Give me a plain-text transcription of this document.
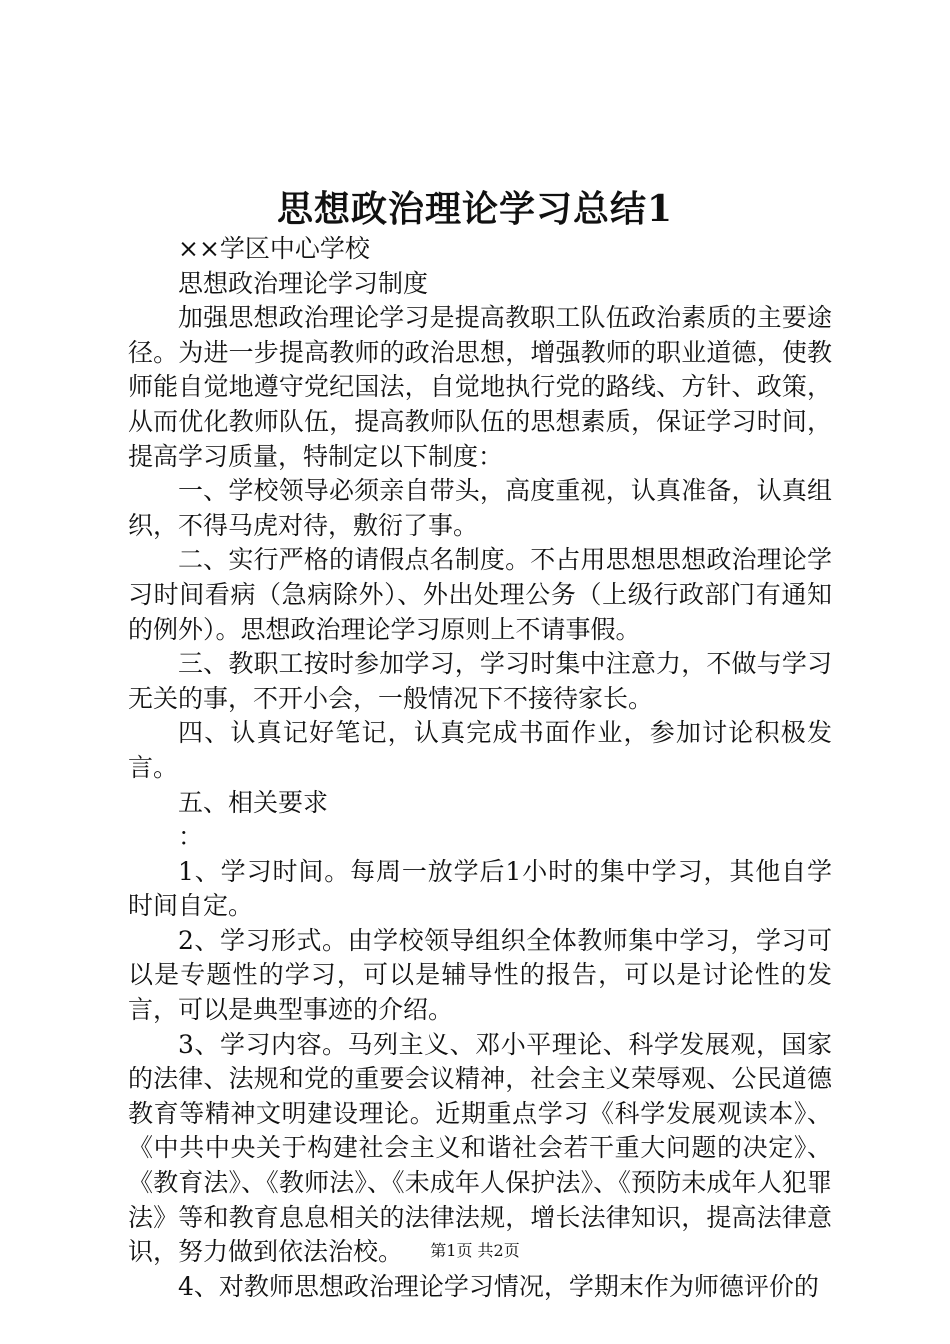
思想政治理论学习总结1

××学区中心学校

思想政治理论学习制度

加强思想政治理论学习是提高教职工队伍政治素质的主要途径。为进一步提高教师的政治思想，增强教师的职业道德，使教师能自觉地遵守党纪国法，自觉地执行党的路线、方针、政策，从而优化教师队伍，提高教师队伍的思想素质，保证学习时间，提高学习质量，特制定以下制度：

一、学校领导必须亲自带头，高度重视，认真准备，认真组织，不得马虎对待，敷衍了事。

二、实行严格的请假点名制度。不占用思想思想政治理论学习时间看病（急病除外）、外出处理公务（上级行政部门有通知的例外）。思想政治理论学习原则上不请事假。

三、教职工按时参加学习，学习时集中注意力，不做与学习无关的事，不开小会，一般情况下不接待家长。

四、认真记好笔记，认真完成书面作业，参加讨论积极发言。

五、相关要求

：

1、学习时间。每周一放学后1小时的集中学习，其他自学时间自定。

2、学习形式。由学校领导组织全体教师集中学习，学习可以是专题性的学习，可以是辅导性的报告，可以是讨论性的发言，可以是典型事迹的介绍。

3、学习内容。马列主义、邓小平理论、科学发展观，国家的法律、法规和党的重要会议精神，社会主义荣辱观、公民道德教育等精神文明建设理论。近期重点学习《科学发展观读本》、《中共中央关于构建社会主义和谐社会若干重大问题的决定》、《教育法》、《教师法》、《未成年人保护法》、《预防未成年人犯罪法》等和教育息息相关的法律法规，增长法律知识，提高法律意识，努力做到依法治校。

4、对教师思想政治理论学习情况，学期末作为师德评价的

第1页 共2页
